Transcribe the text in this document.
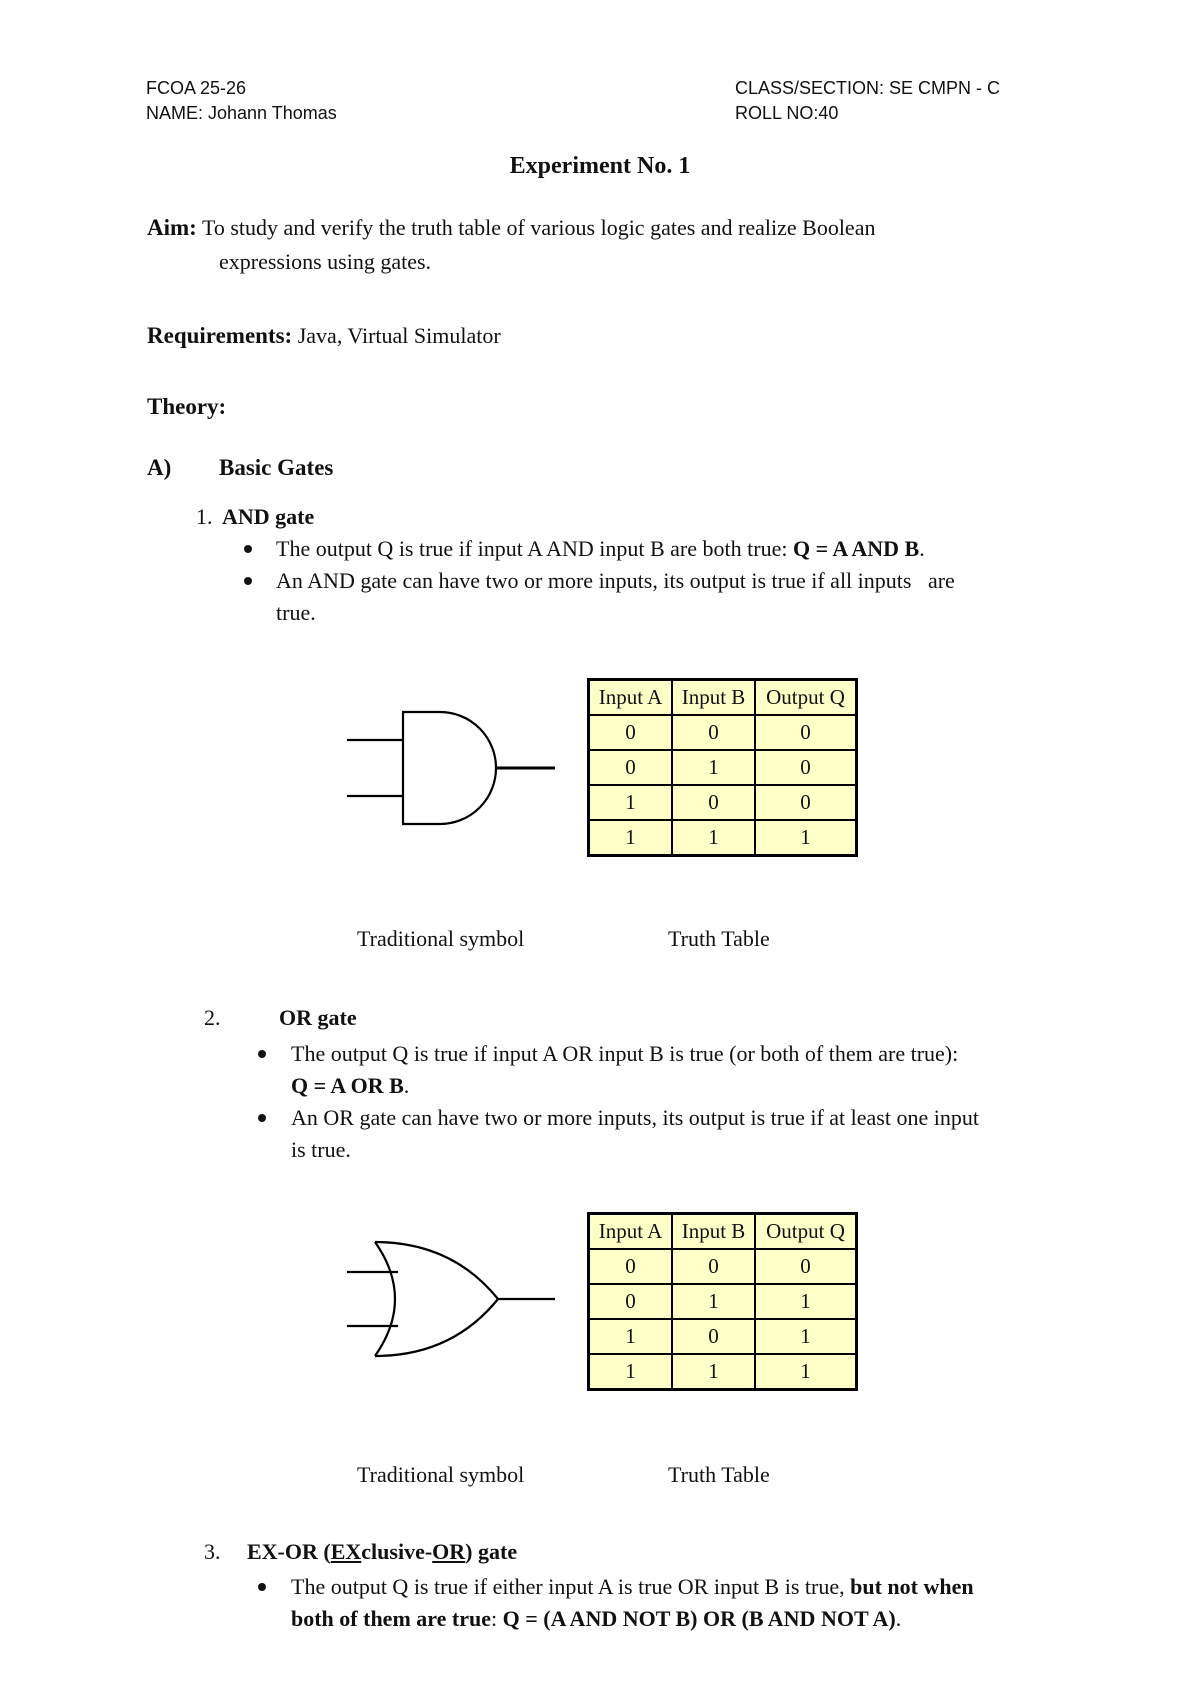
FCOA 25-26
NAME: Johann Thomas
CLASS/SECTION: SE CMPN - C
ROLL NO:40
Experiment No. 1
Aim: To study and verify the truth table of various logic gates and realize Boolean
expressions using gates.
Requirements: Java, Virtual Simulator
Theory:
A) Basic Gates
1. AND gate
The output Q is true if input A AND input B are both true: Q = A AND B.
An AND gate can have two or more inputs, its output is true if all inputs   are
true.
Input A	Input B	Output Q
0	0	0
0	1	0
1	0	0
1	1	1
Traditional symbol	Truth Table
2.	OR gate
The output Q is true if input A OR input B is true (or both of them are true):
Q = A OR B.
An OR gate can have two or more inputs, its output is true if at least one input
is true.
Input A	Input B	Output Q
0	0	0
0	1	1
1	0	1
1	1	1
Traditional symbol	Truth Table
3. EX-OR (EXclusive-OR) gate
The output Q is true if either input A is true OR input B is true, but not when
both of them are true: Q = (A AND NOT B) OR (B AND NOT A).
